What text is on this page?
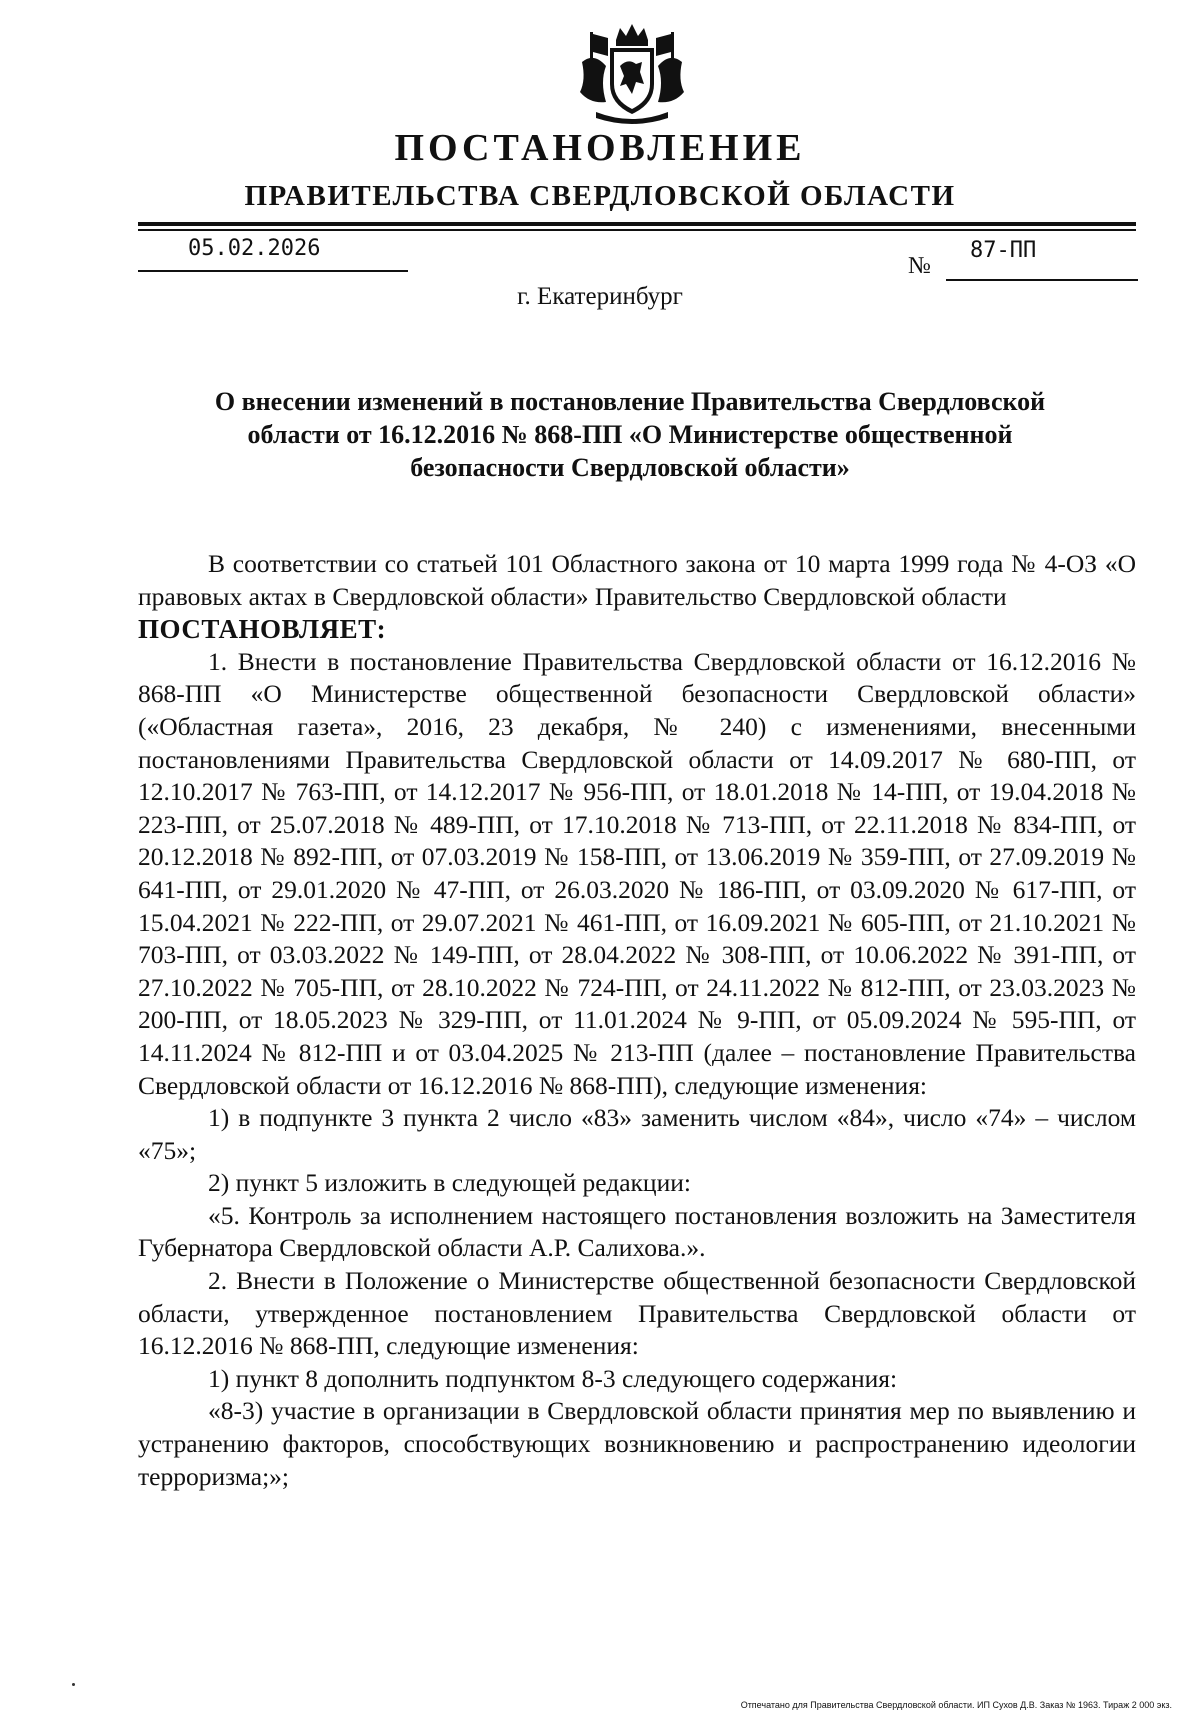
ПОСТАНОВЛЕНИЕ
ПРАВИТЕЛЬСТВА СВЕРДЛОВСКОЙ ОБЛАСТИ
05.02.2026
№
87-ПП
г. Екатеринбург
О внесении изменений в постановление Правительства Свердловской области от 16.12.2016 № 868-ПП «О Министерстве общественной безопасности Свердловской области»

В соответствии со статьей 101 Областного закона от 10 марта 1999 года № 4-ОЗ «О правовых актах в Свердловской области» Правительство Свердловской области

ПОСТАНОВЛЯЕТ:

1. Внести в постановление Правительства Свердловской области от 16.12.2016 № 868-ПП «О Министерстве общественной безопасности Свердловской области» («Областная газета», 2016, 23 декабря, № 240) с изменениями, внесенными постановлениями Правительства Свердловской области от 14.09.2017 № 680-ПП, от 12.10.2017 № 763-ПП, от 14.12.2017 № 956-ПП, от 18.01.2018 № 14-ПП, от 19.04.2018 № 223-ПП, от 25.07.2018 № 489-ПП, от 17.10.2018 № 713-ПП, от 22.11.2018 № 834-ПП, от 20.12.2018 № 892-ПП, от 07.03.2019 № 158-ПП, от 13.06.2019 № 359-ПП, от 27.09.2019 № 641-ПП, от 29.01.2020 № 47-ПП, от 26.03.2020 № 186-ПП, от 03.09.2020 № 617-ПП, от 15.04.2021 № 222-ПП, от 29.07.2021 № 461-ПП, от 16.09.2021 № 605-ПП, от 21.10.2021 № 703-ПП, от 03.03.2022 № 149-ПП, от 28.04.2022 № 308-ПП, от 10.06.2022 № 391-ПП, от 27.10.2022 № 705-ПП, от 28.10.2022 № 724-ПП, от 24.11.2022 № 812-ПП, от 23.03.2023 № 200-ПП, от 18.05.2023 № 329-ПП, от 11.01.2024 № 9-ПП, от 05.09.2024 № 595-ПП, от 14.11.2024 № 812-ПП и от 03.04.2025 № 213-ПП (далее – постановление Правительства Свердловской области от 16.12.2016 № 868-ПП), следующие изменения:

1) в подпункте 3 пункта 2 число «83» заменить числом «84», число «74» – числом «75»;

2) пункт 5 изложить в следующей редакции:

«5. Контроль за исполнением настоящего постановления возложить на Заместителя Губернатора Свердловской области А.Р. Салихова.».

2. Внести в Положение о Министерстве общественной безопасности Свердловской области, утвержденное постановлением Правительства Свердловской области от 16.12.2016 № 868-ПП, следующие изменения:

1) пункт 8 дополнить подпунктом 8-3 следующего содержания:

«8-3) участие в организации в Свердловской области принятия мер по выявлению и устранению факторов, способствующих возникновению и распространению идеологии терроризма;»;

Отпечатано для Правительства Свердловской области. ИП Сухов Д.В. Заказ № 1963. Тираж 2 000 экз.
